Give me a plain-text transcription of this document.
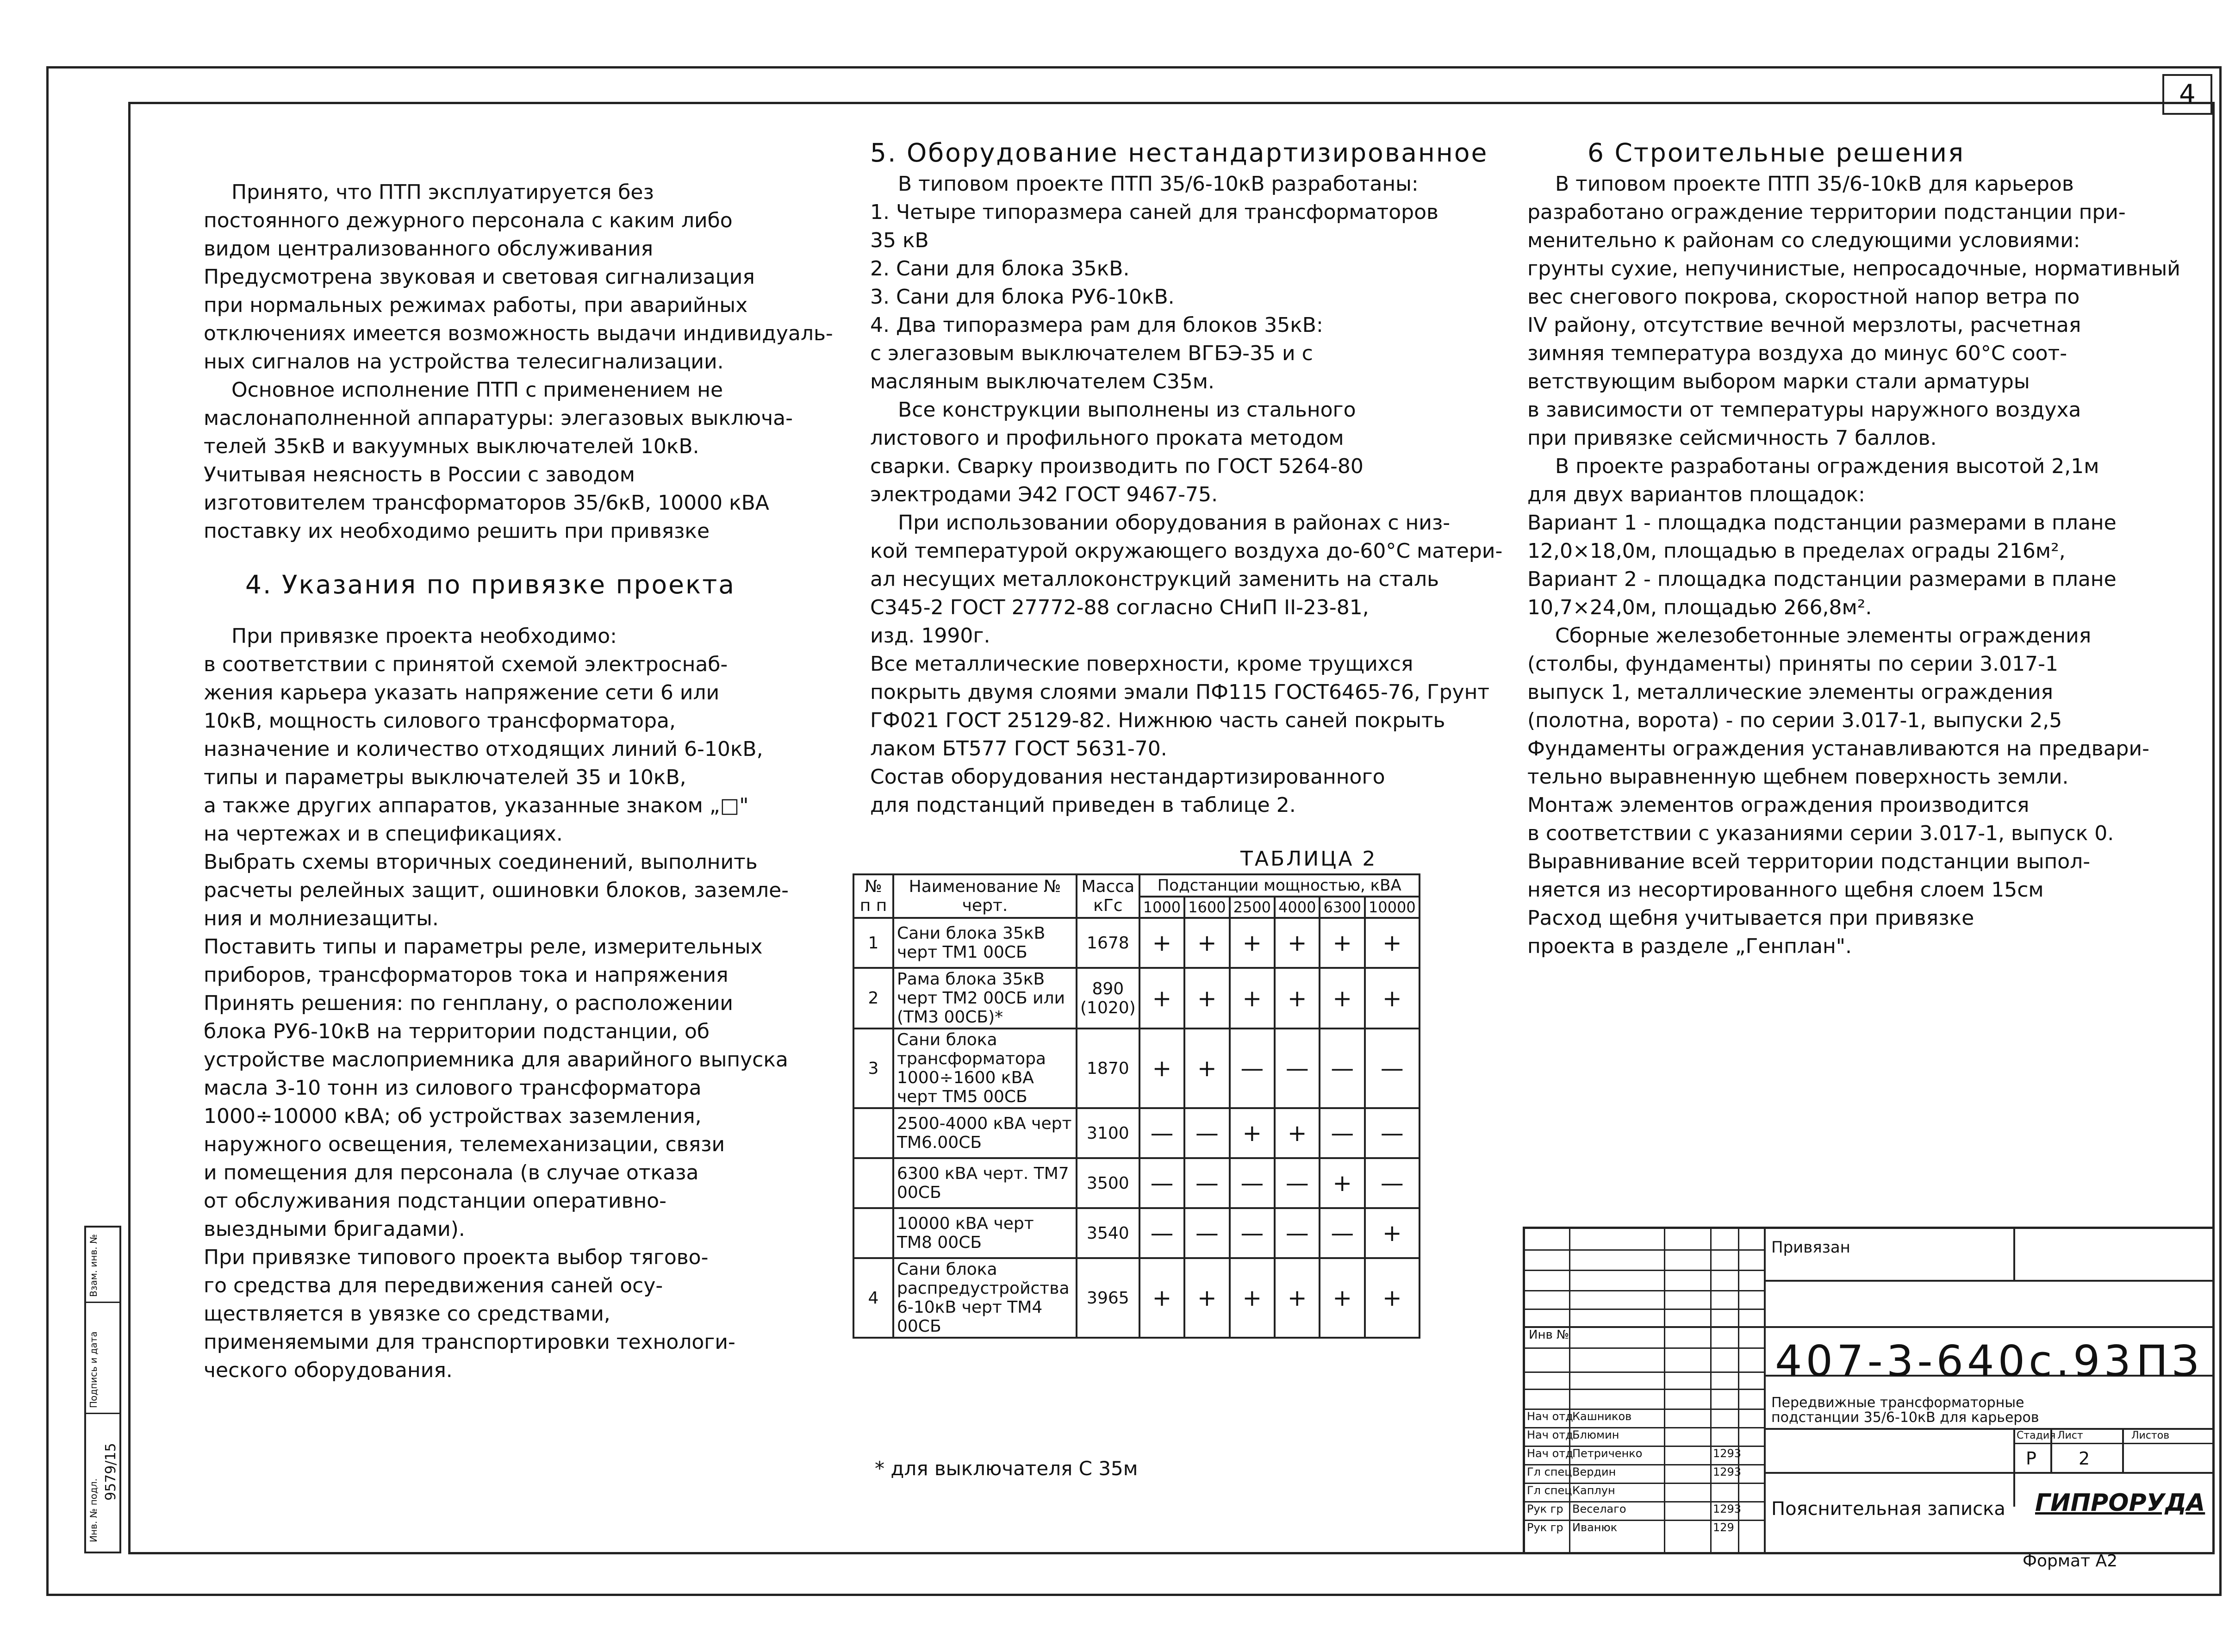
4

Принято, что ПТП эксплуатируется без

постоянного дежурного персонала с каким либо

видом централизованного обслуживания

Предусмотрена звуковая и световая сигнализация

при нормальных режимах работы, при аварийных

отключениях имеется возможность выдачи индивидуаль-

ных сигналов на устройства телесигнализации.

Основное исполнение ПТП с применением не

маслонаполненной аппаратуры: элегазовых выключа-

телей 35кВ и вакуумных выключателей 10кВ.

Учитывая неясность в России с заводом

изготовителем трансформаторов 35/6кВ, 10000 кВА

поставку их необходимо решить при привязке

4. Указания по привязке проекта

При привязке проекта необходимо:

в соответствии с принятой схемой электроснаб-

жения карьера указать напряжение сети 6 или

10кВ, мощность силового трансформатора,

назначение и количество отходящих линий 6-10кВ,

типы и параметры выключателей 35 и 10кВ,

а также других аппаратов, указанные знаком „□"

на чертежах и в спецификациях.

Выбрать схемы вторичных соединений, выполнить

расчеты релейных защит, ошиновки блоков, заземле-

ния и молниезащиты.

Поставить типы и параметры реле, измерительных

приборов, трансформаторов тока и напряжения

Принять решения: по генплану, о расположении

блока РУ6-10кВ на территории подстанции, об

устройстве маслоприемника для аварийного выпуска

масла 3-10 тонн из силового трансформатора

1000÷10000 кВА; об устройствах заземления,

наружного освещения, телемеханизации, связи

и помещения для персонала (в случае отказа

от обслуживания подстанции оперативно-

выездными бригадами).

При привязке типового проекта выбор тягово-

го средства для передвижения саней осу-

ществляется в увязке со средствами,

применяемыми для транспортировки технологи-

ческого оборудования.

5. Оборудование нестандартизированное

В типовом проекте ПТП 35/6-10кВ разработаны:

1. Четыре типоразмера саней для трансформаторов

35 кВ

2. Сани для блока 35кВ.

3. Сани для блока РУ6-10кВ.

4. Два типоразмера рам для блоков 35кВ:

с элегазовым выключателем ВГБЭ-35 и с

масляным выключателем С35м.

Все конструкции выполнены из стального

листового и профильного проката методом

сварки. Сварку производить по ГОСТ 5264-80

электродами Э42 ГОСТ 9467-75.

При использовании оборудования в районах с низ-

кой температурой окружающего воздуха до-60°С матери-

ал несущих металлоконструкций заменить на сталь

С345-2 ГОСТ 27772-88 согласно СНиП II-23-81,

изд. 1990г.

Все металлические поверхности, кроме трущихся

покрыть двумя слоями эмали ПФ115 ГОСТ6465-76, Грунт

ГФ021 ГОСТ 25129-82. Нижнюю часть саней покрыть

лаком БТ577 ГОСТ 5631-70.

Состав оборудования нестандартизированного

для подстанций приведен в таблице 2.

ТАБЛИЦА 2
№ п п	Наименование № черт.	Масса кГс	Подстанции мощностью, кВА					
			1000	1600	2500	4000	6300	10000
1	Сани блока 35кВ черт ТМ1 00СБ	1678	+	+	+	+	+	+
2	Рама блока 35кВ черт ТМ2 00СБ или (ТМ3 00СБ)*	890 (1020)	+	+	+	+	+	+
3	Сани блока трансформатора 1000÷1600 кВА черт ТМ5 00СБ	1870	+	+	—	—	—	—
	2500-4000 кВА черт ТМ6.00СБ	3100	—	—	+	+	—	—
	6300 кВА черт. ТМ7 00СБ	3500	—	—	—	—	+	—
	10000 кВА черт ТМ8 00СБ	3540	—	—	—	—	—	+
4	Сани блока распредустройства 6-10кВ черт ТМ4 00СБ	3965	+	+	+	+	+	+
* для выключателя С 35м

6 Строительные решения

В типовом проекте ПТП 35/6-10кВ для карьеров

разработано ограждение территории подстанции при-

менительно к районам со следующими условиями:

грунты сухие, непучинистые, непросадочные, нормативный

вес снегового покрова, скоростной напор ветра по

IV району, отсутствие вечной мерзлоты, расчетная

зимняя температура воздуха до минус 60°С соот-

ветствующим выбором марки стали арматуры

в зависимости от температуры наружного воздуха

при привязке сейсмичность 7 баллов.

В проекте разработаны ограждения высотой 2,1м

для двух вариантов площадок:

Вариант 1 - площадка подстанции размерами в плане

12,0×18,0м, площадью в пределах ограды 216м²,

Вариант 2 - площадка подстанции размерами в плане

10,7×24,0м, площадью 266,8м².

Сборные железобетонные элементы ограждения

(столбы, фундаменты) приняты по серии 3.017-1

выпуск 1, металлические элементы ограждения

(полотна, ворота) - по серии 3.017-1, выпуски 2,5

Фундаменты ограждения устанавливаются на предвари-

тельно выравненную щебнем поверхность земли.

Монтаж элементов ограждения производится

в соответствии с указаниями серии 3.017-1, выпуск 0.

Выравнивание всей территории подстанции выпол-

няется из несортированного щебня слоем 15см

Расход щебня учитывается при привязке

проекта в разделе „Генплан".

Взам. инв. №
Подпись и дата
Инв. № подл.
9579/15
Привязан
Инв №
407-3-640с.93 ПЗ
Передвижные трансформаторные
подстанции 35/6-10кВ для карьеров
Стадия Лист	Листов
Р 2
Пояснительная записка ГИПРОРУДА
Нач отд
Кашников
Нач отд
Блюмин
Нач отд
Петриченко	1293
Гл спец Вердин	1293
Гл спец Каплун
Рук гр Веселаго	1293
Рук гр Иванюк	129
Формат А2
